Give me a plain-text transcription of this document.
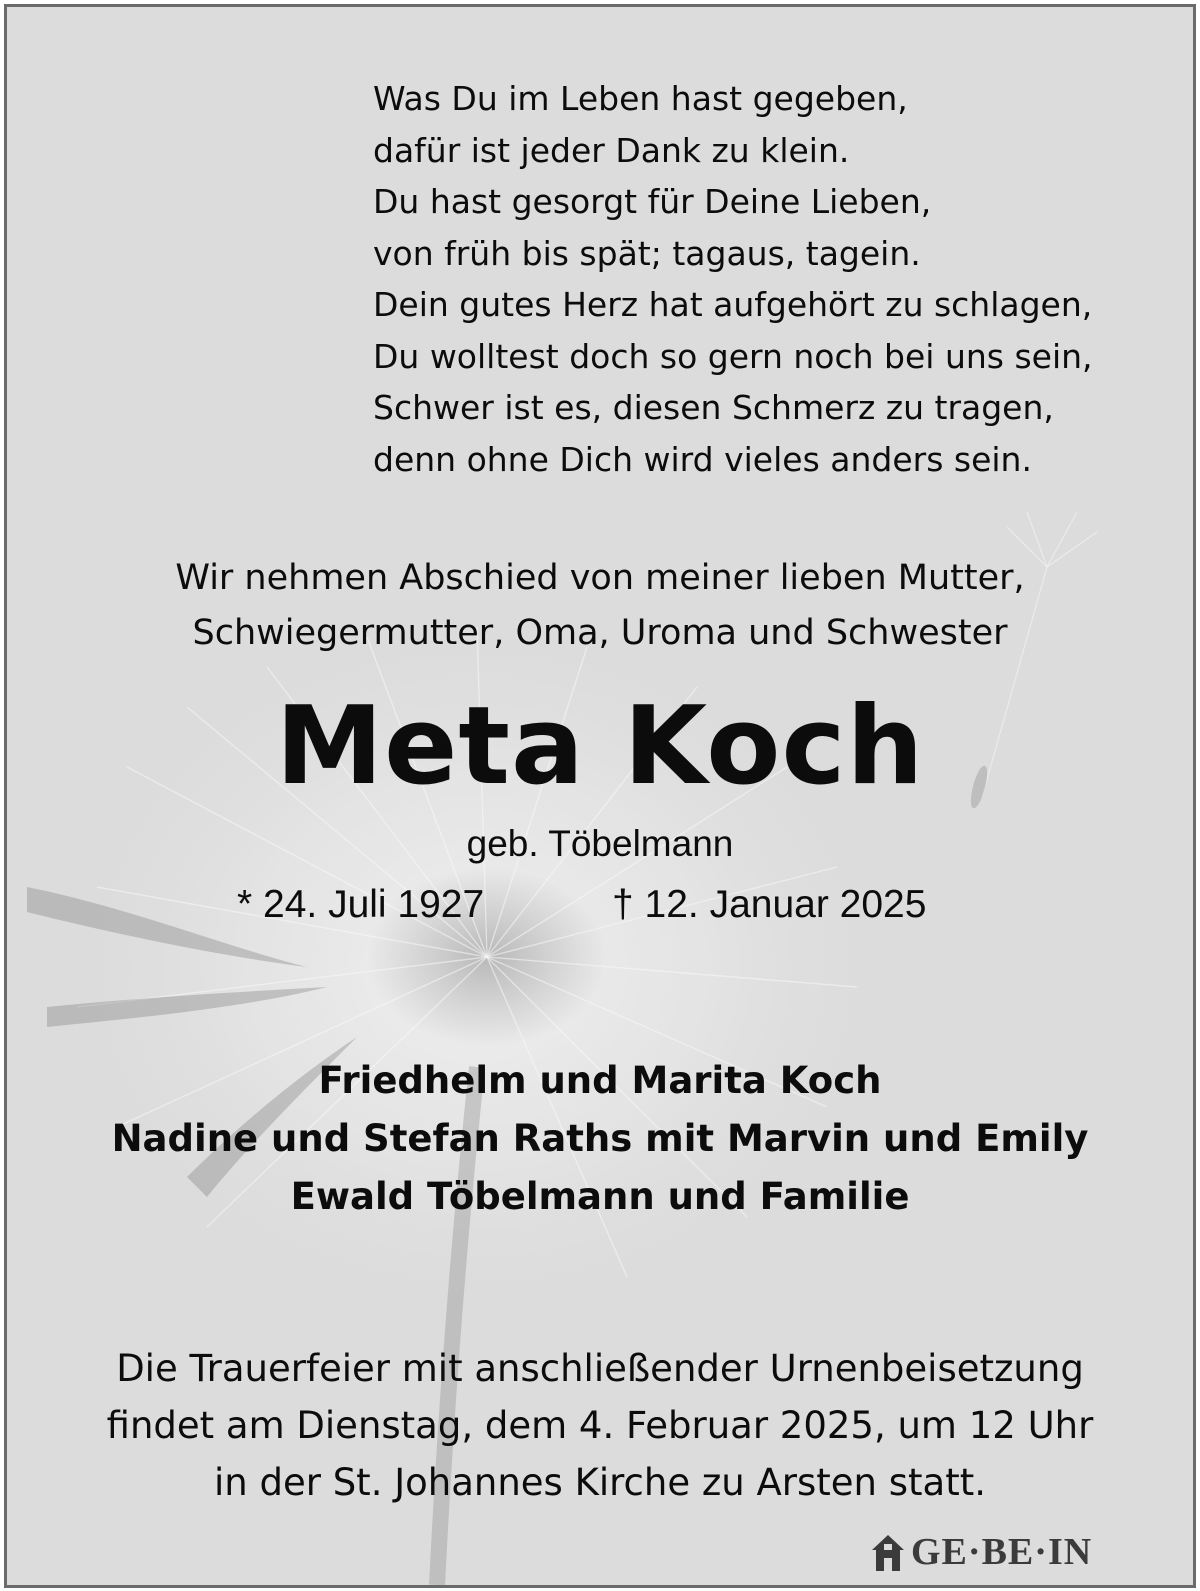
Was Du im Leben hast gegeben,
dafür ist jeder Dank zu klein.
Du hast gesorgt für Deine Lieben,
von früh bis spät; tagaus, tagein.
Dein gutes Herz hat aufgehört zu schlagen,
Du wolltest doch so gern noch bei uns sein,
Schwer ist es, diesen Schmerz zu tragen,
denn ohne Dich wird vieles anders sein.
Wir nehmen Abschied von meiner lieben Mutter,
Schwiegermutter, Oma, Uroma und Schwester
Meta Koch
geb. Töbelmann
* 24. Juli 1927	† 12. Januar 2025
Friedhelm und Marita Koch
Nadine und Stefan Raths mit Marvin und Emily
Ewald Töbelmann und Familie
Die Trauerfeier mit anschließender Urnenbeisetzung
findet am Dienstag, dem 4. Februar 2025, um 12 Uhr
in der St. Johannes Kirche zu Arsten statt.
GE·BE·IN
